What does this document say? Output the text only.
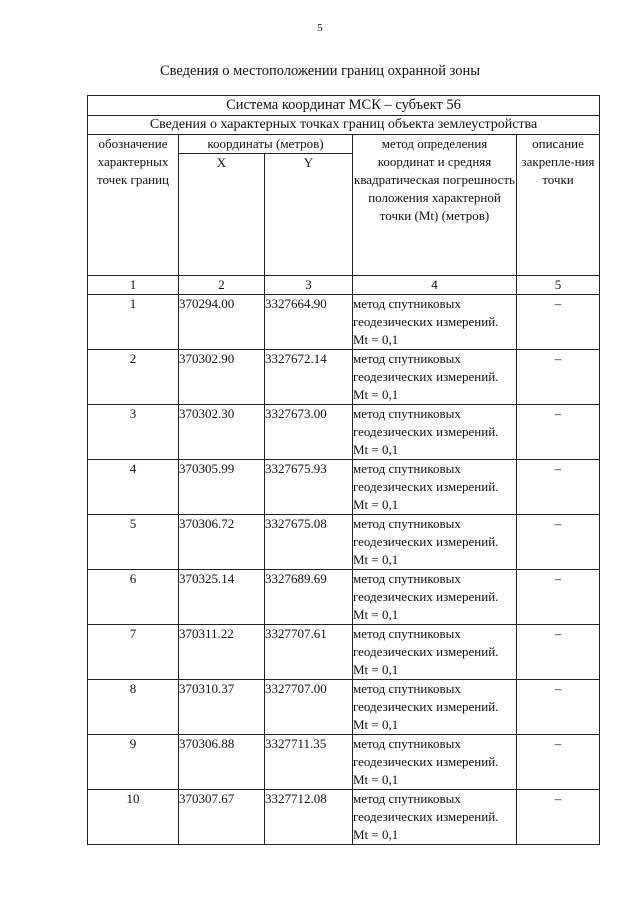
5
Сведения о местоположении границ охранной зоны
Система координат МСК – субъект 56				
Сведения о характерных точках границ объекта землеустройства				
обозначение характерных точек границ	координаты (метров)		метод определения координат и средняя квадратическая погрешность положения характерной точки (Mt) (метров)	описание закрепле-ния точки
	X	Y		
1	2	3	4	5
1	370294.00	3327664.90	метод спутниковых геодезических измерений. Mt = 0,1	–
2	370302.90	3327672.14	метод спутниковых геодезических измерений. Mt = 0,1	–
3	370302.30	3327673.00	метод спутниковых геодезических измерений. Mt = 0,1	–
4	370305.99	3327675.93	метод спутниковых геодезических измерений. Mt = 0,1	–
5	370306.72	3327675.08	метод спутниковых геодезических измерений. Mt = 0,1	–
6	370325.14	3327689.69	метод спутниковых геодезических измерений. Mt = 0,1	–
7	370311.22	3327707.61	метод спутниковых геодезических измерений. Mt = 0,1	–
8	370310.37	3327707.00	метод спутниковых геодезических измерений. Mt = 0,1	–
9	370306.88	3327711.35	метод спутниковых геодезических измерений. Mt = 0,1	–
10	370307.67	3327712.08	метод спутниковых геодезических измерений. Mt = 0,1	–
